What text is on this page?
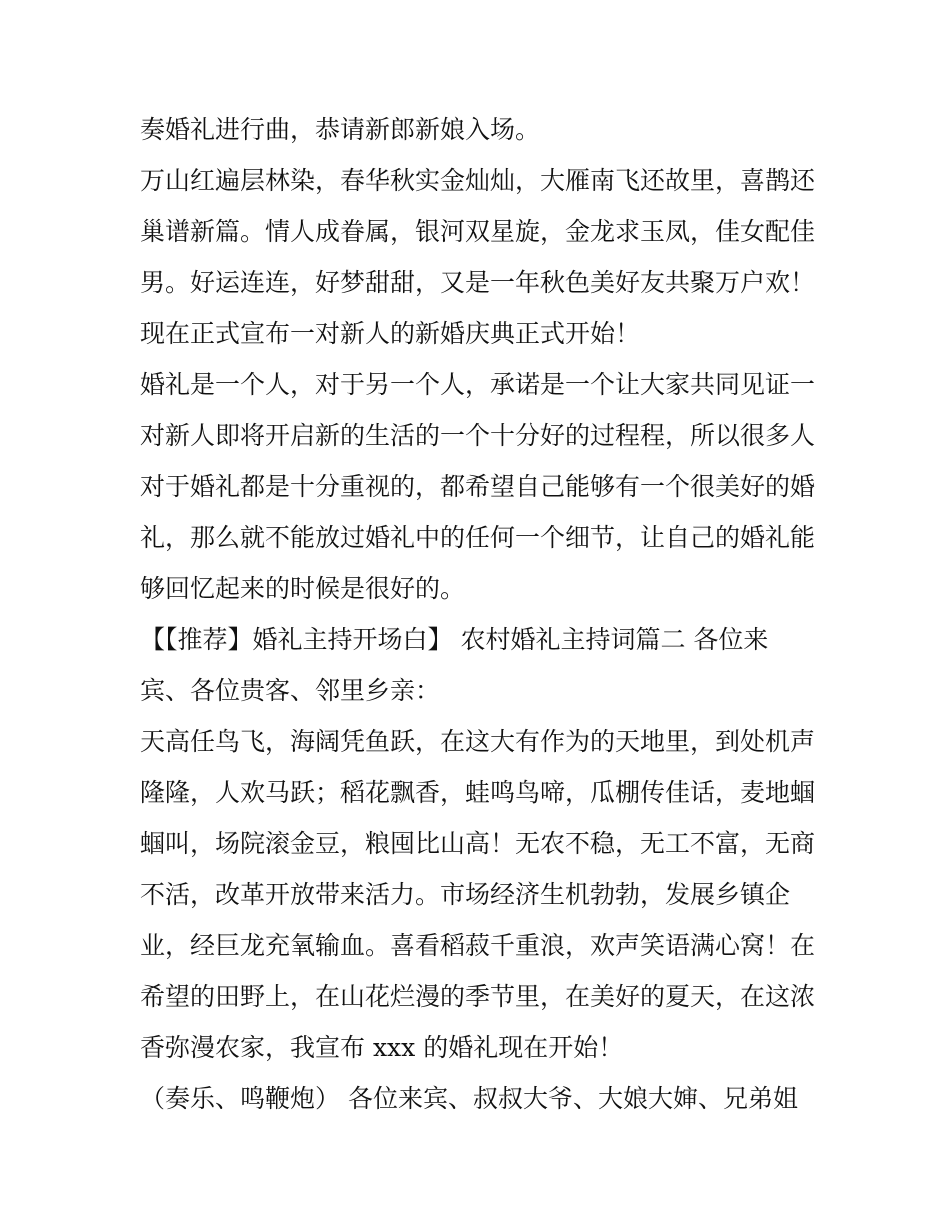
奏婚礼进行曲，恭请新郎新娘入场。
万山红遍层林染，春华秋实金灿灿，大雁南飞还故里，喜鹊还
巢谱新篇。情人成眷属，银河双星旋，金龙求玉凤，佳女配佳
男。好运连连，好梦甜甜，又是一年秋色美好友共聚万户欢！
现在正式宣布一对新人的新婚庆典正式开始！
婚礼是一个人，对于另一个人，承诺是一个让大家共同见证一
对新人即将开启新的生活的一个十分好的过程程，所以很多人
对于婚礼都是十分重视的，都希望自己能够有一个很美好的婚
礼，那么就不能放过婚礼中的任何一个细节，让自己的婚礼能
够回忆起来的时候是很好的。
【【推荐】婚礼主持开场白】 农村婚礼主持词篇二 各位来
宾、各位贵客、邻里乡亲：
天高任鸟飞，海阔凭鱼跃，在这大有作为的天地里，到处机声
隆隆，人欢马跃；稻花飘香，蛙鸣鸟啼，瓜棚传佳话，麦地蝈
蝈叫，场院滚金豆，粮囤比山高！无农不稳，无工不富，无商
不活，改革开放带来活力。市场经济生机勃勃，发展乡镇企
业，经巨龙充氧输血。喜看稻菽千重浪，欢声笑语满心窝！在
希望的田野上，在山花烂漫的季节里，在美好的夏天，在这浓
香弥漫农家，我宣布 xxx 的婚礼现在开始！
（奏乐、鸣鞭炮） 各位来宾、叔叔大爷、大娘大婶、兄弟姐
